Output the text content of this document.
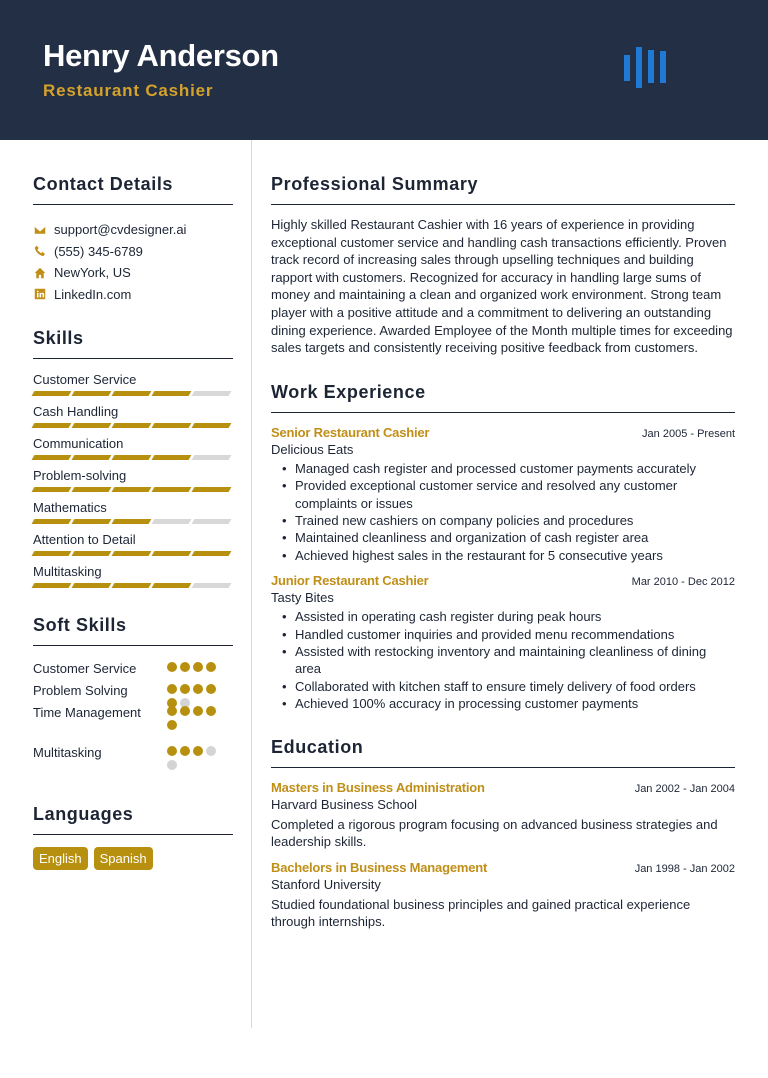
Henry Anderson
Restaurant Cashier
Contact Details
support@cvdesigner.ai
(555) 345-6789
NewYork, US
LinkedIn.com
Skills
Customer Service
Cash Handling
Communication
Problem-solving
Mathematics
Attention to Detail
Multitasking
Soft Skills
Customer Service
Problem Solving
Time Management
Multitasking
Languages
English	Spanish
Professional Summary

Highly skilled Restaurant Cashier with 16 years of experience in providing exceptional customer service and handling cash transactions efficiently. Proven track record of increasing sales through upselling techniques and building rapport with customers. Recognized for accuracy in handling large sums of money and maintaining a clean and organized work environment. Strong team player with a positive attitude and a commitment to delivering an outstanding dining experience. Awarded Employee of the Month multiple times for exceeding sales targets and consistently receiving positive feedback from customers.

Work Experience
Senior Restaurant Cashier	Jan 2005 - Present
Delicious Eats
• Managed cash register and processed customer payments accurately
• Provided exceptional customer service and resolved any customer complaints or issues
• Trained new cashiers on company policies and procedures
• Maintained cleanliness and organization of cash register area
• Achieved highest sales in the restaurant for 5 consecutive years
Junior Restaurant Cashier	Mar 2010 - Dec 2012
Tasty Bites
• Assisted in operating cash register during peak hours
• Handled customer inquiries and provided menu recommendations
• Assisted with restocking inventory and maintaining cleanliness of dining area
• Collaborated with kitchen staff to ensure timely delivery of food orders
• Achieved 100% accuracy in processing customer payments
Education
Masters in Business Administration	Jan 2002 - Jan 2004
Harvard Business School

Completed a rigorous program focusing on advanced business strategies and leadership skills.

Bachelors in Business Management	Jan 1998 - Jan 2002
Stanford University

Studied foundational business principles and gained practical experience through internships.
